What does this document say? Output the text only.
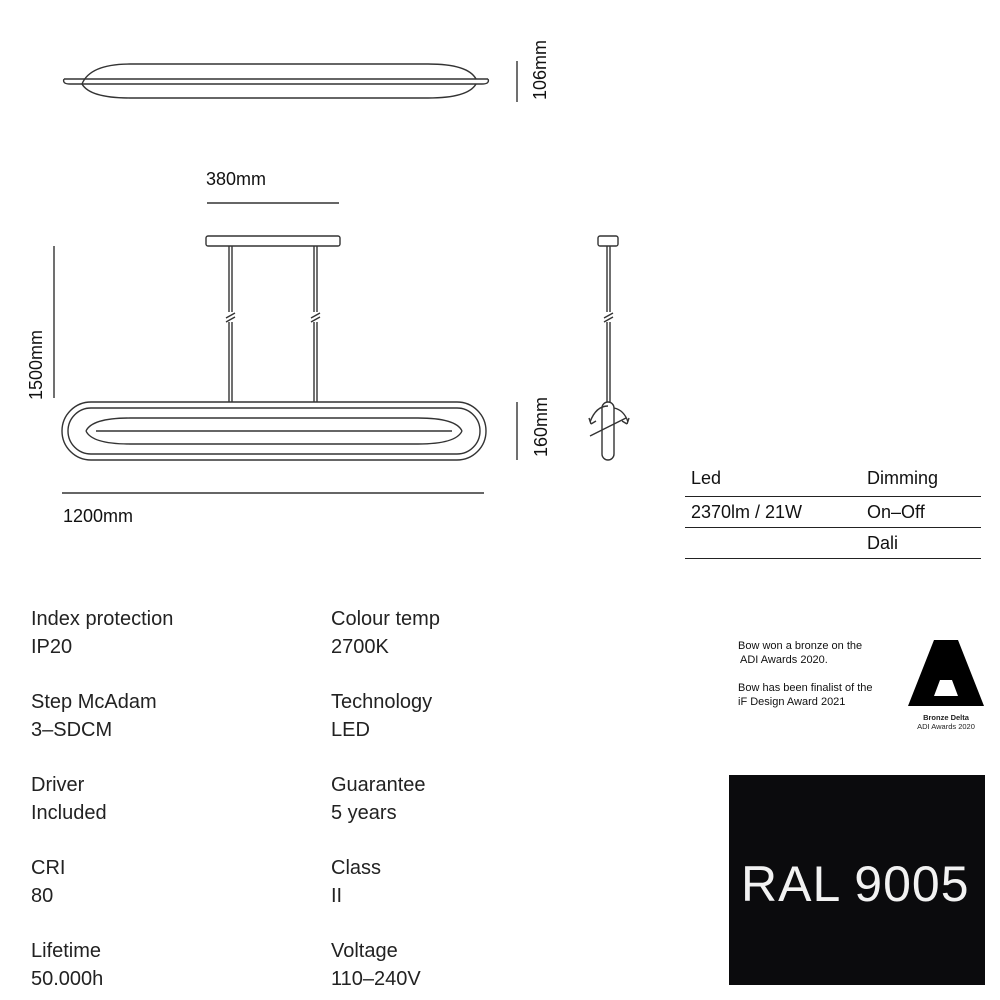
106mm
380mm
1500mm
160mm
1200mm
Led	Dimming
2370lm / 21W	On–Off
Dali
Index protection
IP20
Colour temp
2700K
Step McAdam
3–SDCM
Technology
LED
Driver
Included
Guarantee
5 years
CRI
80
Class
II
Lifetime
50.000h
Voltage
110–240V
Bow won a bronze on the
ADI Awards 2020.
Bow has been finalist of the
iF Design Award 2021
Bronze Delta
ADI Awards 2020
RAL 9005
